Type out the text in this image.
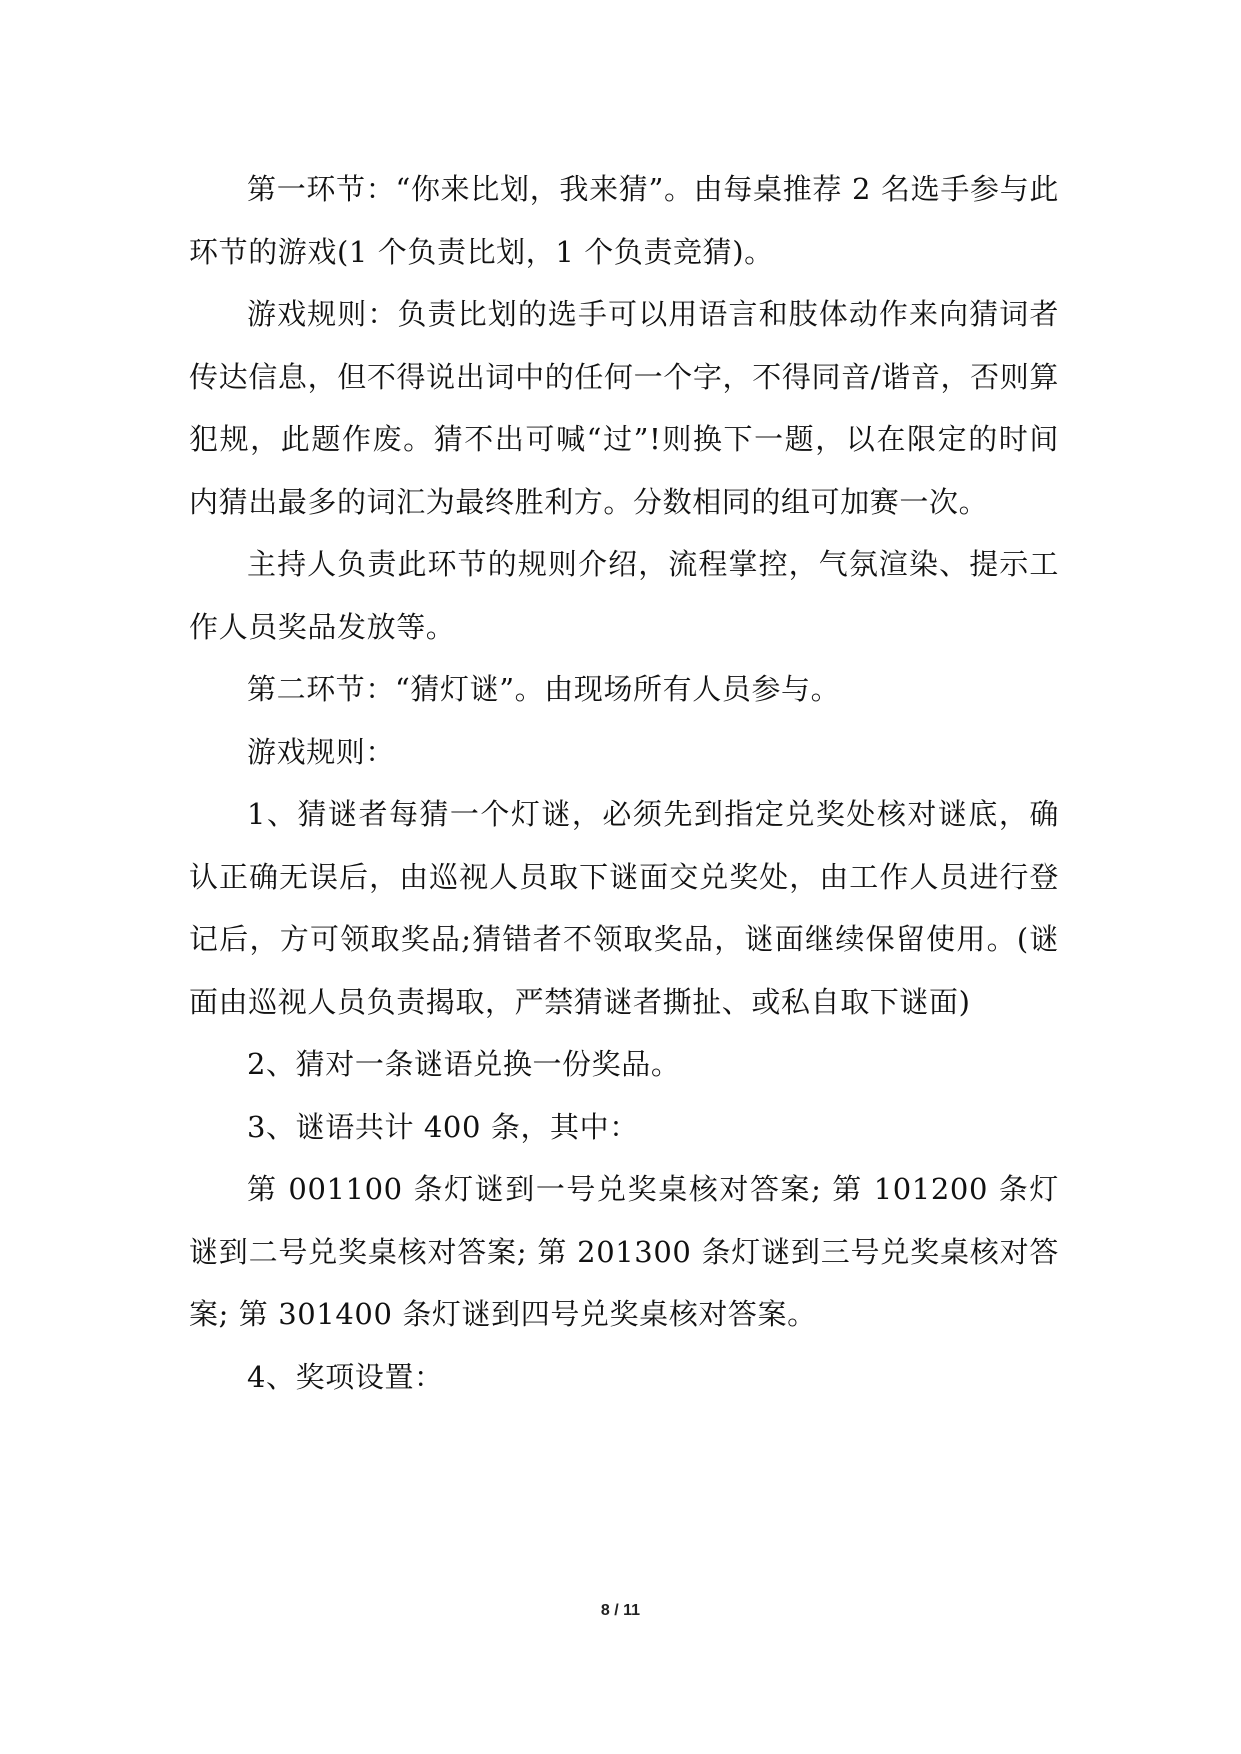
第一环节：“你来比划，我来猜”。由每桌推荐 2 名选手参与此环节的游戏(1 个负责比划，1 个负责竞猜)。

游戏规则：负责比划的选手可以用语言和肢体动作来向猜词者传达信息，但不得说出词中的任何一个字，不得同音/谐音，否则算犯规，此题作废。猜不出可喊“过”!则换下一题，以在限定的时间内猜出最多的词汇为最终胜利方。分数相同的组可加赛一次。

主持人负责此环节的规则介绍，流程掌控，气氛渲染、提示工作人员奖品发放等。

第二环节：“猜灯谜”。由现场所有人员参与。

游戏规则：

1、猜谜者每猜一个灯谜，必须先到指定兑奖处核对谜底，确认正确无误后，由巡视人员取下谜面交兑奖处，由工作人员进行登记后，方可领取奖品;猜错者不领取奖品，谜面继续保留使用。(谜面由巡视人员负责揭取，严禁猜谜者撕扯、或私自取下谜面)

2、猜对一条谜语兑换一份奖品。

3、谜语共计 400 条，其中：

第 001100 条灯谜到一号兑奖桌核对答案; 第 101200 条灯谜到二号兑奖桌核对答案; 第 201300 条灯谜到三号兑奖桌核对答案; 第 301400 条灯谜到四号兑奖桌核对答案。

4、奖项设置：

8 / 11
